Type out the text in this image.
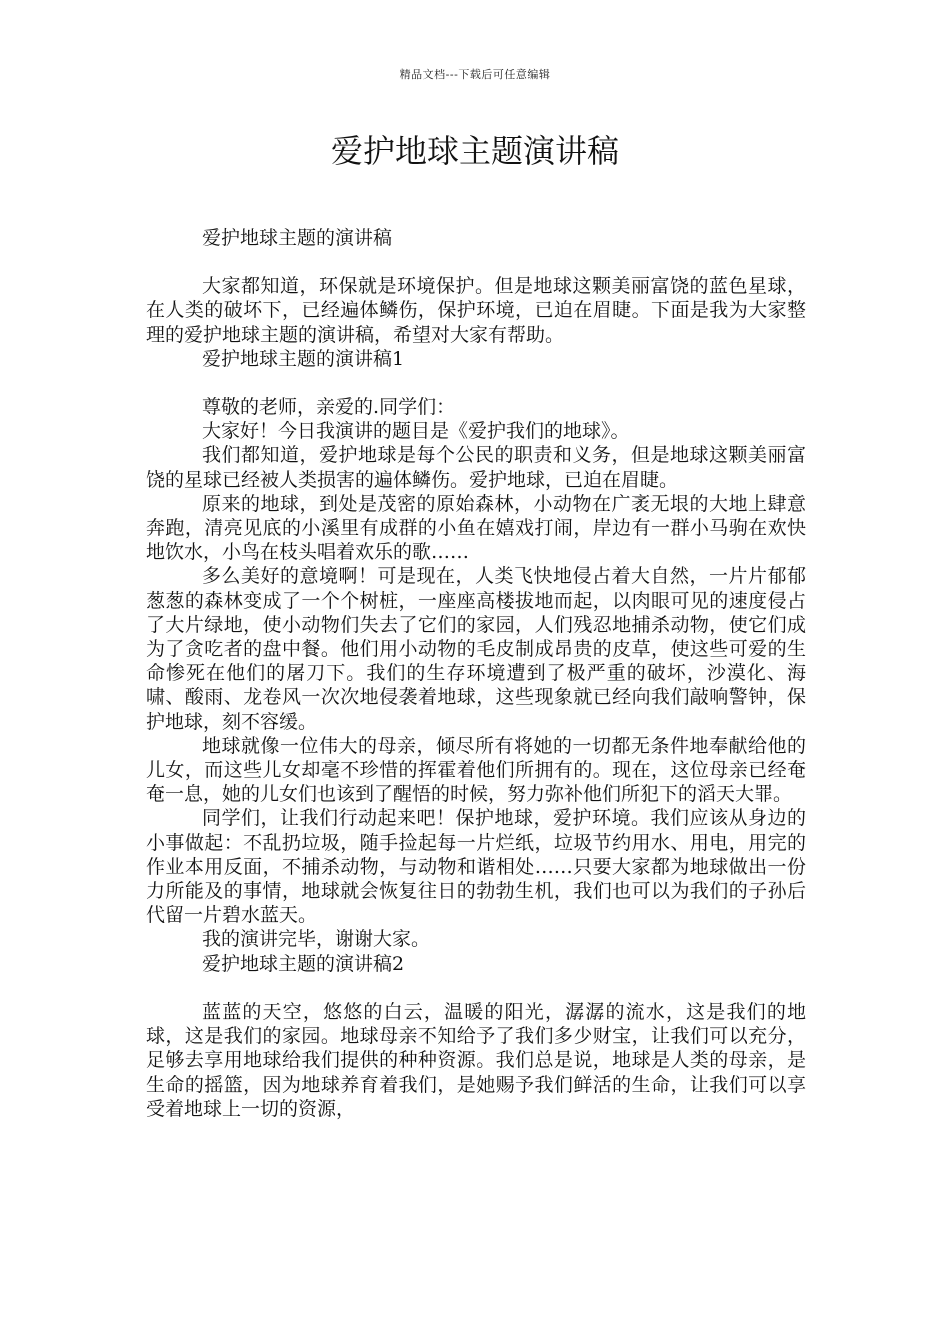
精品文档---下载后可任意编辑
爱护地球主题演讲稿

爱护地球主题的演讲稿

大家都知道，环保就是环境保护。但是地球这颗美丽富饶的蓝色星球，在人类的破坏下，已经遍体鳞伤，保护环境，已迫在眉睫。下面是我为大家整理的爱护地球主题的演讲稿，希望对大家有帮助。

爱护地球主题的演讲稿1

尊敬的老师，亲爱的.同学们：

大家好！今日我演讲的题目是《爱护我们的地球》。

我们都知道，爱护地球是每个公民的职责和义务，但是地球这颗美丽富饶的星球已经被人类损害的遍体鳞伤。爱护地球，已迫在眉睫。

原来的地球，到处是茂密的原始森林，小动物在广袤无垠的大地上肆意奔跑，清亮见底的小溪里有成群的小鱼在嬉戏打闹，岸边有一群小马驹在欢快地饮水，小鸟在枝头唱着欢乐的歌……

多么美好的意境啊！可是现在，人类飞快地侵占着大自然，一片片郁郁葱葱的森林变成了一个个树桩，一座座高楼拔地而起，以肉眼可见的速度侵占了大片绿地，使小动物们失去了它们的家园，人们残忍地捕杀动物，使它们成为了贪吃者的盘中餐。他们用小动物的毛皮制成昂贵的皮草，使这些可爱的生命惨死在他们的屠刀下。我们的生存环境遭到了极严重的破坏，沙漠化、海啸、酸雨、龙卷风一次次地侵袭着地球，这些现象就已经向我们敲响警钟，保护地球，刻不容缓。

地球就像一位伟大的母亲，倾尽所有将她的一切都无条件地奉献给他的儿女，而这些儿女却毫不珍惜的挥霍着他们所拥有的。现在，这位母亲已经奄奄一息，她的儿女们也该到了醒悟的时候，努力弥补他们所犯下的滔天大罪。

同学们，让我们行动起来吧！保护地球，爱护环境。我们应该从身边的小事做起：不乱扔垃圾，随手捡起每一片烂纸，垃圾节约用水、用电，用完的作业本用反面，不捕杀动物，与动物和谐相处……只要大家都为地球做出一份力所能及的事情，地球就会恢复往日的勃勃生机，我们也可以为我们的子孙后代留一片碧水蓝天。

我的演讲完毕，谢谢大家。

爱护地球主题的演讲稿2

蓝蓝的天空，悠悠的白云，温暖的阳光，潺潺的流水，这是我们的地球，这是我们的家园。地球母亲不知给予了我们多少财宝，让我们可以充分，足够去享用地球给我们提供的种种资源。我们总是说，地球是人类的母亲，是生命的摇篮，因为地球养育着我们，是她赐予我们鲜活的生命，让我们可以享受着地球上一切的资源，
